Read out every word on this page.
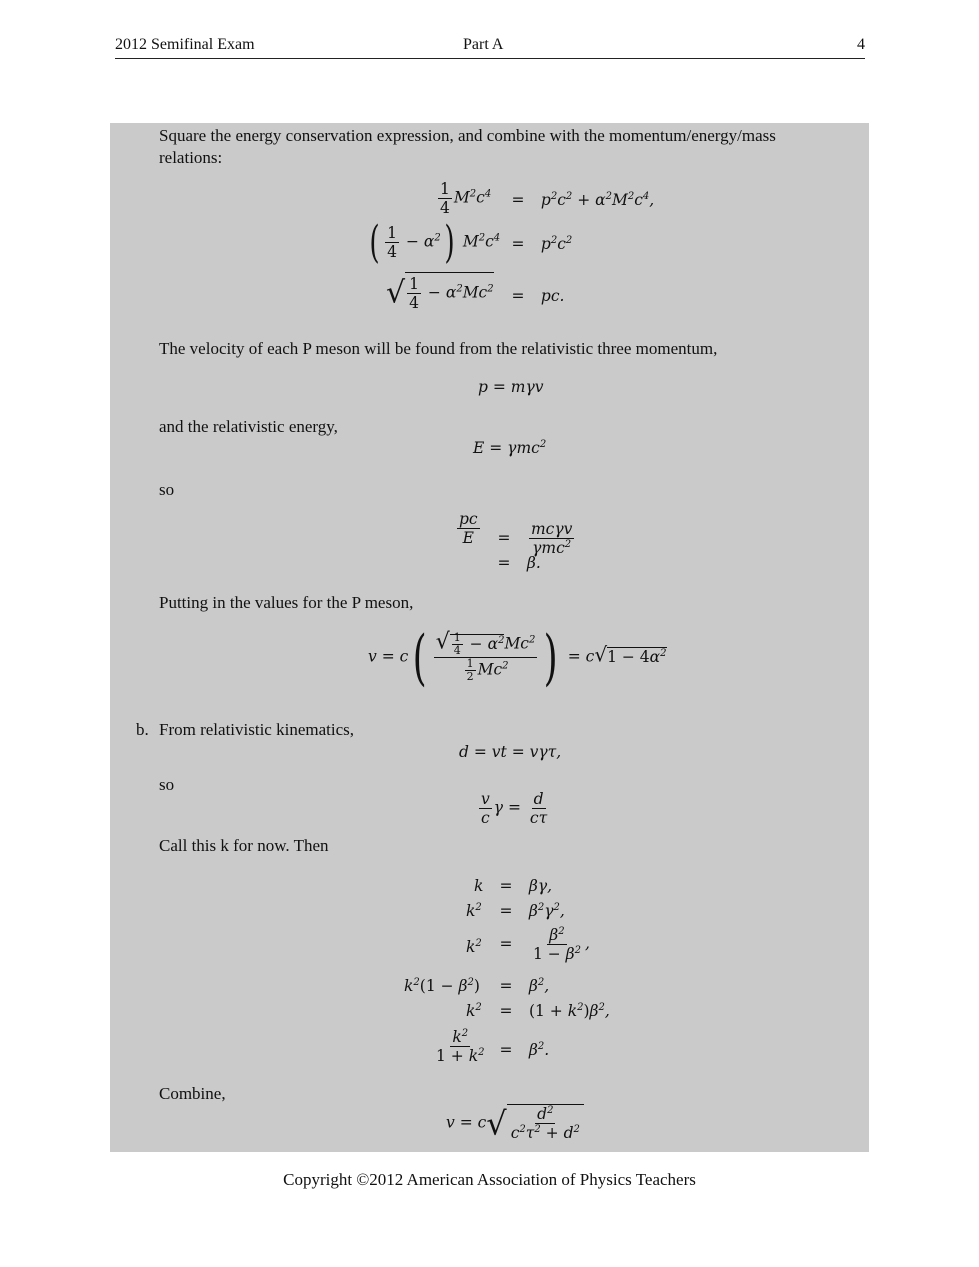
2012 Semifinal Exam	Part A	4
Square the energy conservation expression, and combine with the momentum/energy/mass
relations:
$\frac{1}{4} M^2c^4$	= $p^2c^2 + \alpha^2M^2c^4$,
( $\frac{1}{4} - \alpha^2$) $M^2c^4 = p^2c^2$
√ $\frac{1}{4} - \alpha^2Mc^2$	= pc.
The velocity of each P meson will be found from the relativistic three momentum,
p = mγv
and the relativistic energy,
E = γmc$^2$
so
$\frac{pc}{E}$	= $\frac{\text{mcγv}}{\gamma mc^2}$
= β.
Putting in the values for the P meson,
$v = c( \frac{√ \frac{1}{4} - \alpha^2Mc^2}{\frac{1}{2} Mc^2}$ ) = $c√1 - 4\alpha^2$
b. From relativistic kinematics,
d = vt = vγτ,
so
$\frac{v}{c}$ $\gamma = \frac{d}{c\tau}$
Call this k for now. Then
k	= βγ,
$k^2$	= $\beta^2\gamma^2$,
$k^2$	= $\frac{\beta^2}{1 - \beta^2}$ ,
$k^2(1 - \beta^2)$	= $\beta^2$,
$k^2$	= $(1 + k^2)\beta^2$,
$\frac{k^2}{1 + k^2} = \beta^2$.
Combine,
$v = c√ \frac{d^2}{c^2\tau^2 + d^2}$
Copyright ©2012 American Association of Physics Teachers
